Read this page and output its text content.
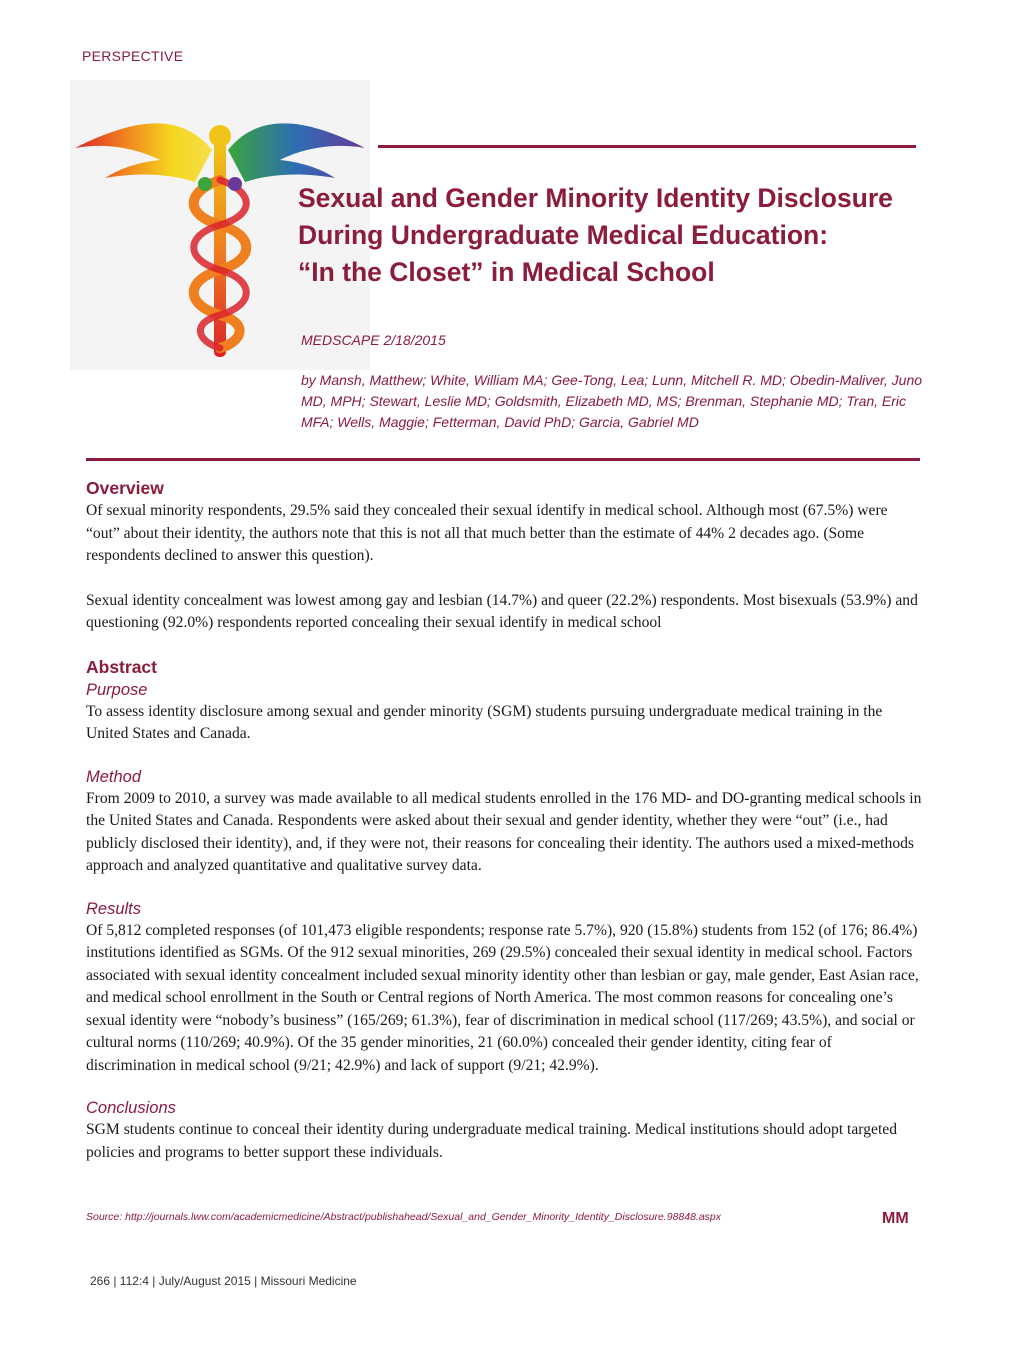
PERSPECTIVE
Sexual and Gender Minority Identity Disclosure
During Undergraduate Medical Education:
“In the Closet” in Medical School

MEDSCAPE 2/18/2015

by Mansh, Matthew; White, William MA; Gee-Tong, Lea; Lunn, Mitchell R. MD; Obedin-Maliver, Juno MD, MPH; Stewart, Leslie MD; Goldsmith, Elizabeth MD, MS; Brenman, Stephanie MD; Tran, Eric MFA; Wells, Maggie; Fetterman, David PhD; Garcia, Gabriel MD

Overview

Of sexual minority respondents, 29.5% said they concealed their sexual identify in medical school. Although most (67.5%) were “out” about their identity, the authors note that this is not all that much better than the estimate of 44% 2 decades ago. (Some respondents declined to answer this question).

Sexual identity concealment was lowest among gay and lesbian (14.7%) and queer (22.2%) respondents. Most bisexuals (53.9%) and questioning (92.0%) respondents reported concealing their sexual identify in medical school

Abstract
Purpose

To assess identity disclosure among sexual and gender minority (SGM) students pursuing undergraduate medical training in the United States and Canada.

Method

From 2009 to 2010, a survey was made available to all medical students enrolled in the 176 MD- and DO-granting medical schools in the United States and Canada. Respondents were asked about their sexual and gender identity, whether they were “out” (i.e., had publicly disclosed their identity), and, if they were not, their reasons for concealing their identity. The authors used a mixed-methods approach and analyzed quantitative and qualitative survey data.

Results

Of 5,812 completed responses (of 101,473 eligible respondents; response rate 5.7%), 920 (15.8%) students from 152 (of 176; 86.4%) institutions identified as SGMs. Of the 912 sexual minorities, 269 (29.5%) concealed their sexual identity in medical school. Factors associated with sexual identity concealment included sexual minority identity other than lesbian or gay, male gender, East Asian race, and medical school enrollment in the South or Central regions of North America. The most common reasons for concealing one’s sexual identity were “nobody’s business” (165/269; 61.3%), fear of discrimination in medical school (117/269; 43.5%), and social or cultural norms (110/269; 40.9%). Of the 35 gender minorities, 21 (60.0%) concealed their gender identity, citing fear of discrimination in medical school (9/21; 42.9%) and lack of support (9/21; 42.9%).

Conclusions

SGM students continue to conceal their identity during undergraduate medical training. Medical institutions should adopt targeted policies and programs to better support these individuals.

Source: http://journals.lww.com/academicmedicine/Abstract/publishahead/Sexual_and_Gender_Minority_Identity_Disclosure.98848.aspx	MM
266 | 112:4 | July/August 2015 | Missouri Medicine
